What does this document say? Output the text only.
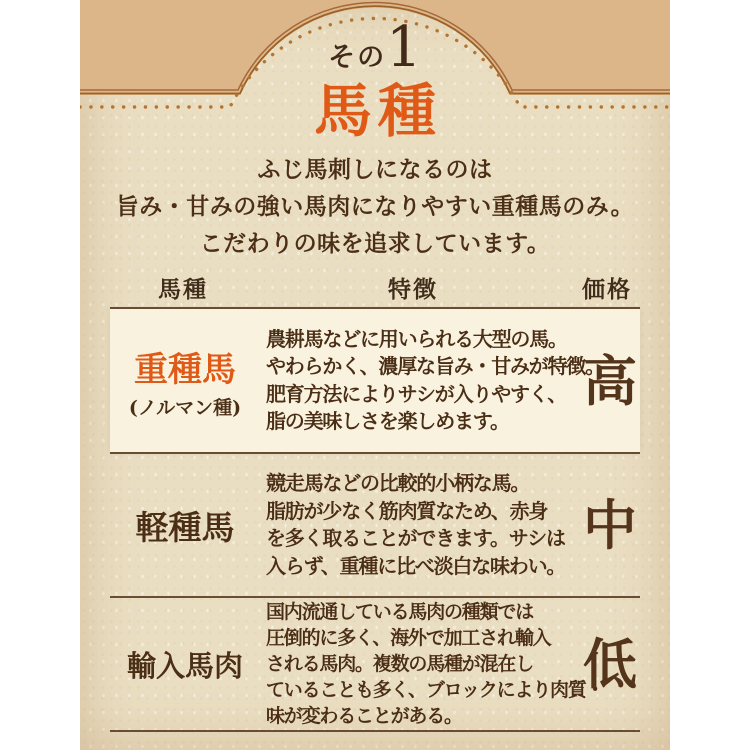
その1
馬種

ふじ馬刺しになるのは
旨み・甘みの強い馬肉になりやすい重種馬のみ。
こだわりの味を追求しています。

馬種	特徴	価格
重種馬
(ノルマン種)
農耕馬などに用いられる大型の馬。
やわらかく、濃厚な旨み・甘みが特徴。
肥育方法によりサシが入りやすく、
脂の美味しさを楽しめます。
高
軽種馬
競走馬などの比較的小柄な馬。
脂肪が少なく筋肉質なため、赤身
を多く取ることができます。サシは
入らず、重種に比べ淡白な味わい。
中
輸入馬肉
国内流通している馬肉の種類では
圧倒的に多く、海外で加工され輸入
される馬肉。複数の馬種が混在し
ていることも多く、ブロックにより肉質・
味が変わることがある。
低
